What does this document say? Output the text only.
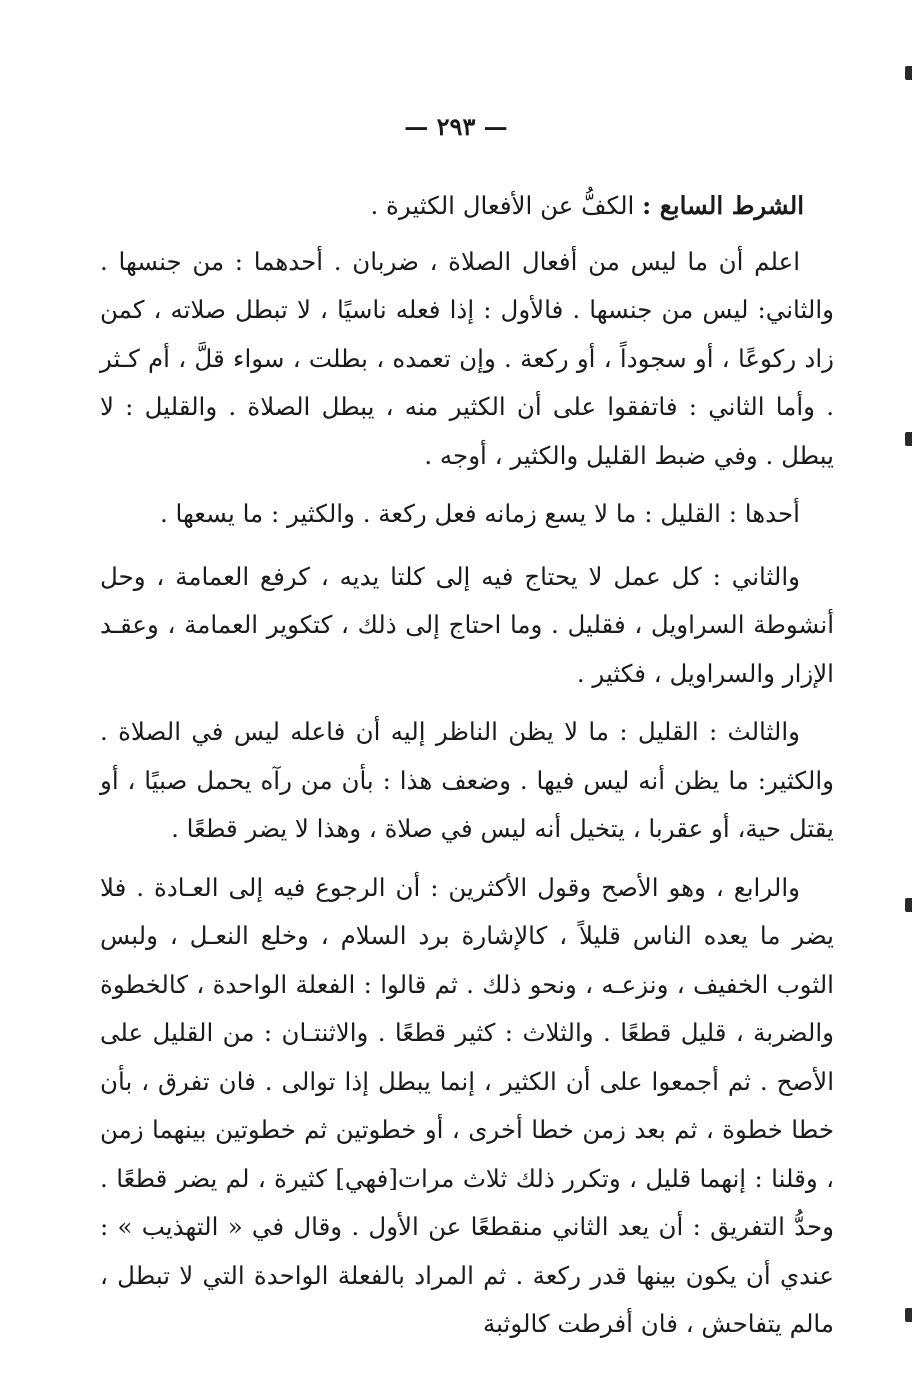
— ٢٩٣ —

الشرط السابع : الكفُّ عن الأفعال الكثيرة .

اعلم أن ما ليس من أفعال الصلاة ، ضربان . أحدهما : من جنسها . والثاني: ليس من جنسها . فالأول : إذا فعله ناسيًا ، لا تبطل صلاته ، كمن زاد ركوعًا ، أو سجوداً ، أو ركعة . وإن تعمده ، بطلت ، سواء قلَّ ، أم كـثر . وأما الثاني : فاتفقوا على أن الكثير منه ، يبطل الصلاة . والقليل : لا يبطل . وفي ضبط القليل والكثير ، أوجه .

أحدها : القليل : ما لا يسع زمانه فعل ركعة . والكثير : ما يسعها .

والثاني : كل عمل لا يحتاج فيه إلى كلتا يديه ، كرفع العمامة ، وحل أنشوطة السراويل ، فقليل . وما احتاج إلى ذلك ، كتكوير العمامة ، وعقـد الإزار والسراويل ، فكثير .

والثالث : القليل : ما لا يظن الناظر إليه أن فاعله ليس في الصلاة . والكثير: ما يظن أنه ليس فيها . وضعف هذا : بأن من رآه يحمل صبيًا ، أو يقتل حية، أو عقربا ، يتخيل أنه ليس في صلاة ، وهذا لا يضر قطعًا .

والرابع ، وهو الأصح وقول الأكثرين : أن الرجوع فيه إلى العـادة . فلا يضر ما يعده الناس قليلاً ، كالإشارة برد السلام ، وخلع النعـل ، ولبس الثوب الخفيف ، ونزعـه ، ونحو ذلك . ثم قالوا : الفعلة الواحدة ، كالخطوة والضربة ، قليل قطعًا . والثلاث : كثير قطعًا . والاثنتـان : من القليل على الأصح . ثم أجمعوا على أن الكثير ، إنما يبطل إذا توالى . فان تفرق ، بأن خطا خطوة ، ثم بعد زمن خطا أخرى ، أو خطوتين ثم خطوتين بينهما زمن ، وقلنا : إنهما قليل ، وتكرر ذلك ثلاث مرات[فهي] كثيرة ، لم يضر قطعًا . وحدُّ التفريق : أن يعد الثاني منقطعًا عن الأول . وقال في « التهذيب » : عندي أن يكون بينها قدر ركعة . ثم المراد بالفعلة الواحدة التي لا تبطل ، مالم يتفاحش ، فان أفرطت كالوثبة
